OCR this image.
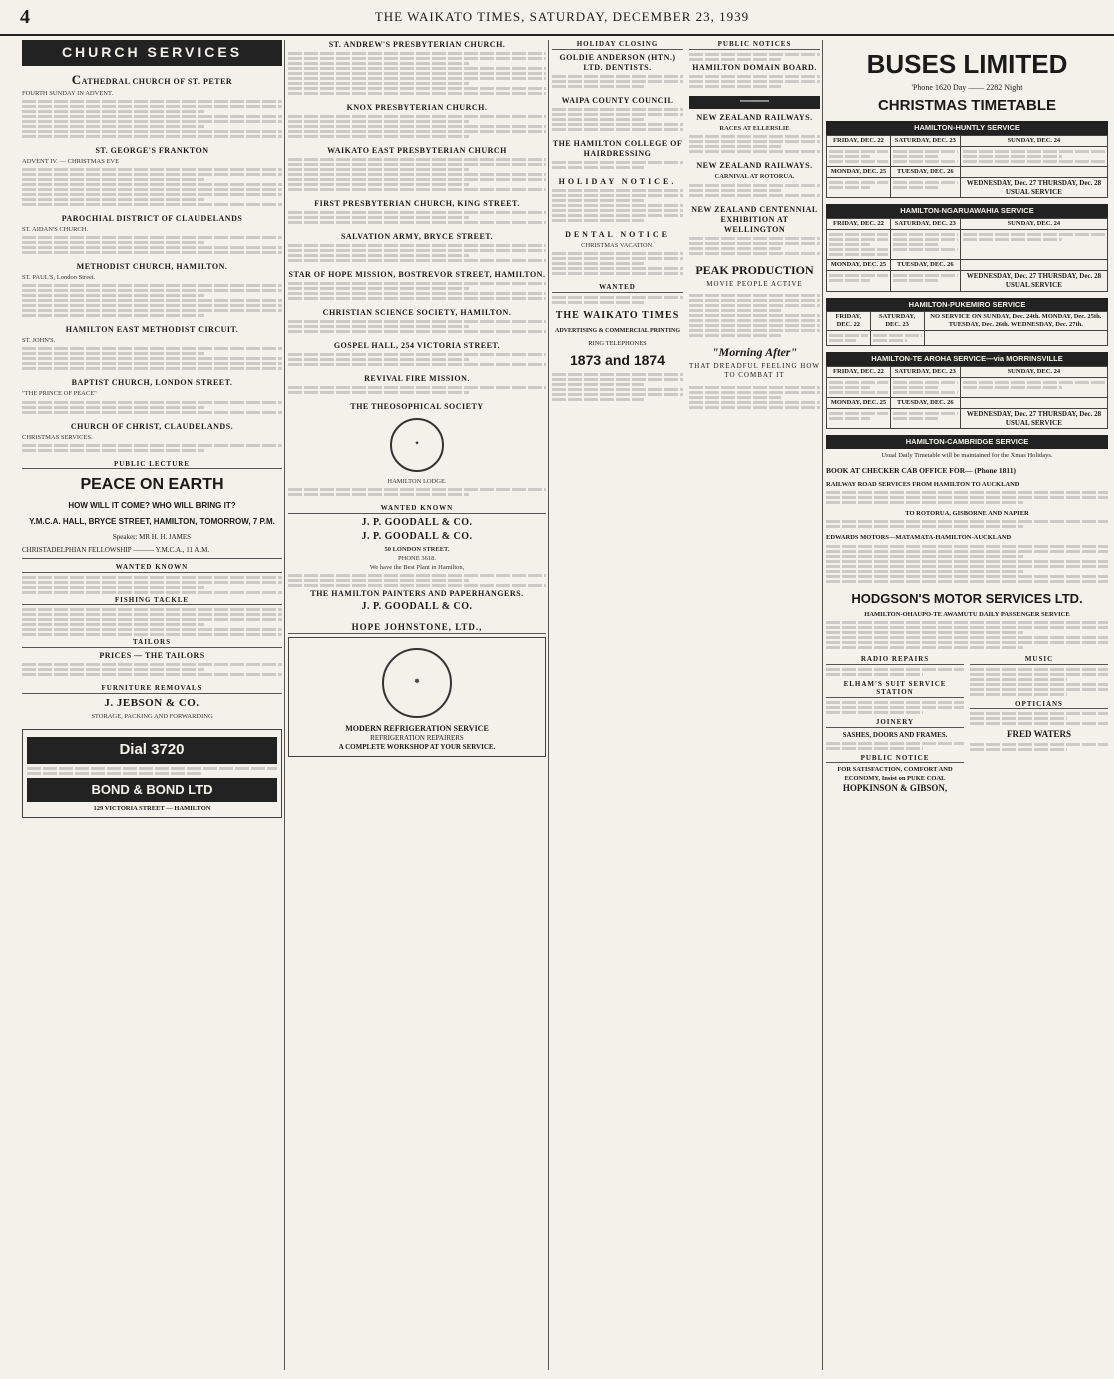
4	THE WAIKATO TIMES, SATURDAY, DECEMBER 23, 1939
CHURCH SERVICES
CATHEDRAL CHURCH OF ST. PETER

FOURTH SUNDAY IN ADVENT.

ST. GEORGE'S FRANKTON

ADVENT IV. — CHRISTMAS EVE

PAROCHIAL DISTRICT OF CLAUDELANDS

ST. AIDAN'S CHURCH.

METHODIST CHURCH, HAMILTON.

ST. PAUL'S, London Street.

HAMILTON EAST METHODIST CIRCUIT.

ST. JOHN'S.

BAPTIST CHURCH, LONDON STREET.

"THE PRINCE OF PEACE"

CHURCH OF CHRIST, CLAUDELANDS.

CHRISTMAS SERVICES.

PUBLIC LECTURE
PEACE ON EARTH
HOW WILL IT COME? WHO WILL BRING IT?
Y.M.C.A. HALL, BRYCE STREET, HAMILTON, TOMORROW, 7 P.M.
Speaker: MR H. H. JAMES
CHRISTADELPHIAN FELLOWSHIP ——— Y.M.C.A., 11 A.M.
WANTED KNOWN
FISHING TACKLE
TAILORS
PRICES — THE TAILORS
FURNITURE REMOVALS
J. JEBSON & CO.

STORAGE, PACKING AND FORWARDING

Dial 3720
BOND & BOND LTD

129 VICTORIA STREET — HAMILTON

ST. ANDREW'S PRESBYTERIAN CHURCH.
KNOX PRESBYTERIAN CHURCH.
WAIKATO EAST PRESBYTERIAN CHURCH
FIRST PRESBYTERIAN CHURCH, KING STREET.
SALVATION ARMY, BRYCE STREET.
STAR OF HOPE MISSION, BOSTREVOR STREET, HAMILTON.
CHRISTIAN SCIENCE SOCIETY, HAMILTON.
GOSPEL HALL, 254 VICTORIA STREET.
REVIVAL FIRE MISSION.
THE THEOSOPHICAL SOCIETY
✦

HAMILTON LODGE.

WANTED KNOWN
J. P. GOODALL & CO.
J. P. GOODALL & CO.

50 LONDON STREET.

PHONE 3618.

We have the Best Plant in Hamilton,

THE HAMILTON PAINTERS AND PAPERHANGERS.
J. P. GOODALL & CO.
HOPE JOHNSTONE, LTD.,
❄
MODERN REFRIGERATION SERVICE

REFRIGERATION REPAIRERS

A COMPLETE WORKSHOP AT YOUR SERVICE.

HOLIDAY CLOSING
GOLDIE ANDERSON (HTN.) LTD. DENTISTS.
WAIPA COUNTY COUNCIL
THE HAMILTON COLLEGE OF HAIRDRESSING
HOLIDAY NOTICE.
DENTAL NOTICE

CHRISTMAS VACATION.

WANTED
THE WAIKATO TIMES
ADVERTISING & COMMERCIAL PRINTING
RING TELEPHONES
1873 and 1874
PUBLIC NOTICES
HAMILTON DOMAIN BOARD.
━━━━━━━━
NEW ZEALAND RAILWAYS.

RACES AT ELLERSLIE

NEW ZEALAND RAILWAYS.

CARNIVAL AT ROTORUA.

NEW ZEALAND CENTENNIAL EXHIBITION AT WELLINGTON
PEAK PRODUCTION
MOVIE PEOPLE ACTIVE
"Morning After"
THAT DREADFUL FEELING HOW TO COMBAT IT
BUSES LIMITED
'Phone 1620 Day —— 2282 Night
CHRISTMAS TIMETABLE
HAMILTON-HUNTLY SERVICE
FRIDAY, DEC. 22	SATURDAY, DEC. 23	SUNDAY, DEC. 24

MONDAY, DEC. 25	TUESDAY, DEC. 26	

	WEDNESDAY, Dec. 27 THURSDAY, Dec. 28
USUAL SERVICE
HAMILTON-NGARUAWAHIA SERVICE
FRIDAY, DEC. 22	SATURDAY, DEC. 23	SUNDAY, DEC. 24

MONDAY, DEC. 25	TUESDAY, DEC. 26	

	WEDNESDAY, Dec. 27 THURSDAY, Dec. 28
USUAL SERVICE
HAMILTON-PUKEMIRO SERVICE
FRIDAY, DEC. 22	SATURDAY, DEC. 23	NO SERVICE ON SUNDAY, Dec. 24th. MONDAY, Dec. 25th. TUESDAY, Dec. 26th. WEDNESDAY, Dec. 27th.

HAMILTON-TE AROHA SERVICE—via MORRINSVILLE
FRIDAY, DEC. 22	SATURDAY, DEC. 23	SUNDAY, DEC. 24

MONDAY, DEC. 25	TUESDAY, DEC. 26	

	WEDNESDAY, Dec. 27 THURSDAY, Dec. 28
USUAL SERVICE
HAMILTON-CAMBRIDGE SERVICE
Usual Daily Timetable will be maintained for the Xmas Holidays.
BOOK AT CHECKER CAB OFFICE FOR— (Phone 1811)
RAILWAY ROAD SERVICES FROM HAMILTON TO AUCKLAND
TO ROTORUA, GISBORNE AND NAPIER
EDWARDS MOTORS—MATAMATA-HAMILTON-AUCKLAND
HODGSON'S MOTOR SERVICES LTD.
HAMILTON-OHAUPO-TE AWAMUTU DAILY PASSENGER SERVICE
RADIO REPAIRS
ELHAM'S SUIT SERVICE STATION
JOINERY
SASHES, DOORS AND FRAMES.
PUBLIC NOTICE
FOR SATISFACTION, COMFORT AND ECONOMY, Insist on PUKE COAL
HOPKINSON & GIBSON,
MUSIC
OPTICIANS
FRED WATERS
